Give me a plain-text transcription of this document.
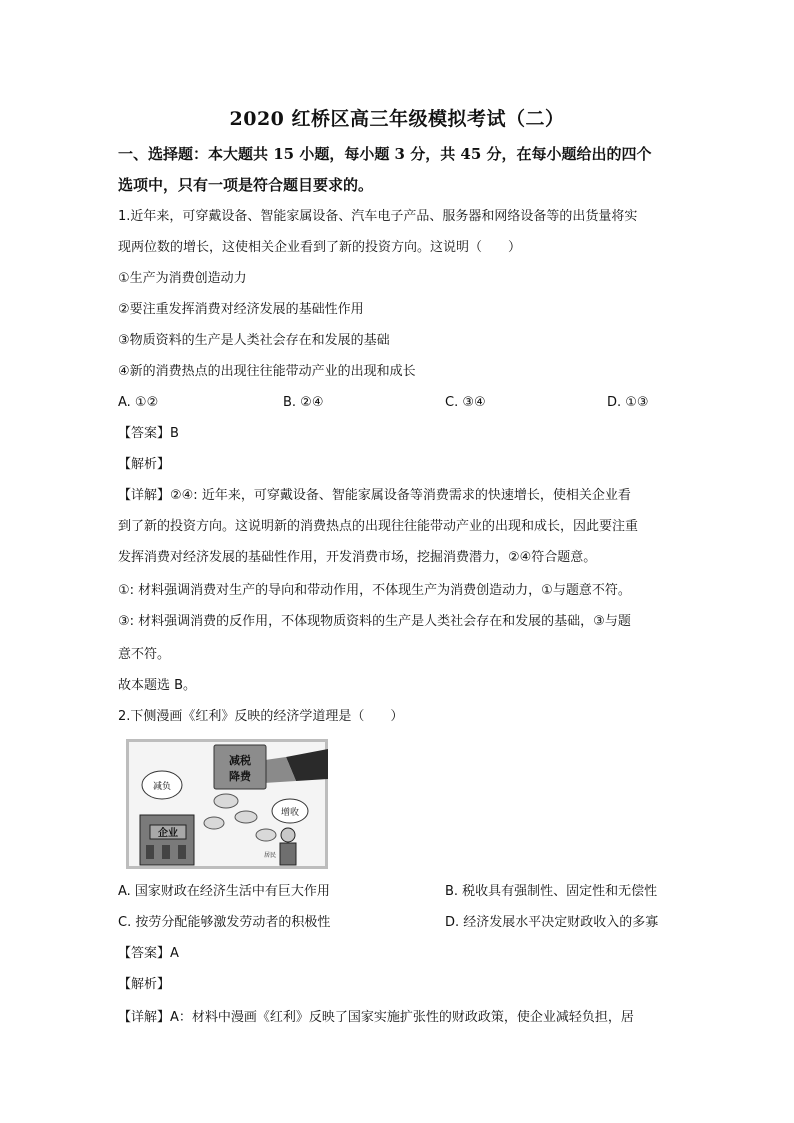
2020 红桥区高三年级模拟考试（二）
一、选择题：本大题共 15 小题，每小题 3 分，共 45 分，在每小题给出的四个
选项中，只有一项是符合题目要求的。
1.近年来，可穿戴设备、智能家属设备、汽车电子产品、服务器和网络设备等的出货量将实
现两位数的增长，这使相关企业看到了新的投资方向。这说明（　　）
①生产为消费创造动力
②要注重发挥消费对经济发展的基础性作用
③物质资料的生产是人类社会存在和发展的基础
④新的消费热点的出现往往能带动产业的出现和成长
A. ①②	B. ②④	C. ③④	D. ①③
【答案】B
【解析】
【详解】②④: 近年来，可穿戴设备、智能家属设备等消费需求的快速增长，使相关企业看
到了新的投资方向。这说明新的消费热点的出现往往能带动产业的出现和成长，因此要注重
发挥消费对经济发展的基础性作用，开发消费市场，挖掘消费潜力，②④符合题意。
①: 材料强调消费对生产的导向和带动作用，不体现生产为消费创造动力，①与题意不符。
③: 材料强调消费的反作用，不体现物质资料的生产是人类社会存在和发展的基础，③与题
意不符。
故本题选 B。
2.下侧漫画《红利》反映的经济学道理是（　　）
减税
降费
减负
增收
企业
居民
A. 国家财政在经济生活中有巨大作用	B. 税收具有强制性、固定性和无偿性
C. 按劳分配能够激发劳动者的积极性	D. 经济发展水平决定财政收入的多寡
【答案】A
【解析】
【详解】A：材料中漫画《红利》反映了国家实施扩张性的财政政策，使企业减轻负担，居
